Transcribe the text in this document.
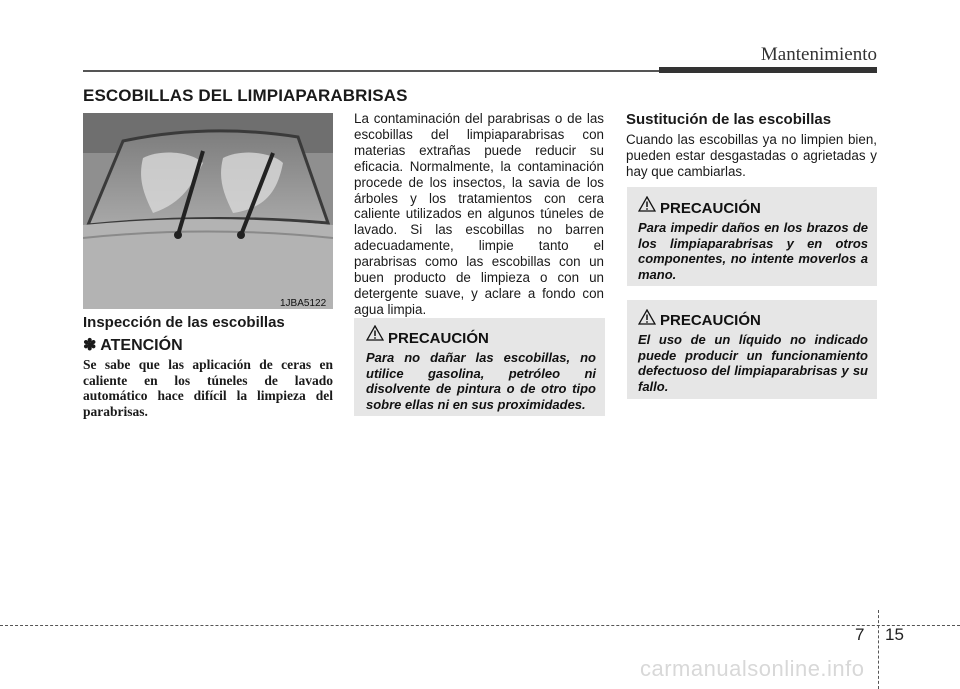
Mantenimiento
ESCOBILLAS DEL LIMPIAPARABRISAS
1JBA5122
Inspección de las escobillas
✽ ATENCIÓN
Se sabe que las aplicación de ceras en caliente en los túneles de lavado automático hace difícil la limpieza del parabrisas.
La contaminación del parabrisas o de las escobillas del limpiaparabrisas con materias extrañas puede reducir su eficacia. Normalmente, la contaminación procede de los insectos, la savia de los árboles y los tratamientos con cera caliente utilizados en algunos túneles de lavado. Si las escobillas no barren adecuadamente, limpie tanto el parabrisas como las escobillas con un buen producto de limpieza o con un detergente suave, y aclare a fondo con agua limpia.
PRECAUCIÓN
Para no dañar las escobillas, no utilice gasolina, petróleo ni disolvente de pintura o de otro tipo sobre ellas ni en sus proximidades.
Sustitución de las escobillas
Cuando las escobillas ya no limpien bien, pueden estar desgastadas o agrietadas y hay que cambiarlas.
PRECAUCIÓN
Para impedir daños en los brazos de los limpiaparabrisas y en otros componentes, no intente moverlos a mano.
PRECAUCIÓN
El uso de un líquido no indicado puede producir un funcionamiento defectuoso del limpiaparabrisas y su fallo.
7 15
carmanualsonline.info
